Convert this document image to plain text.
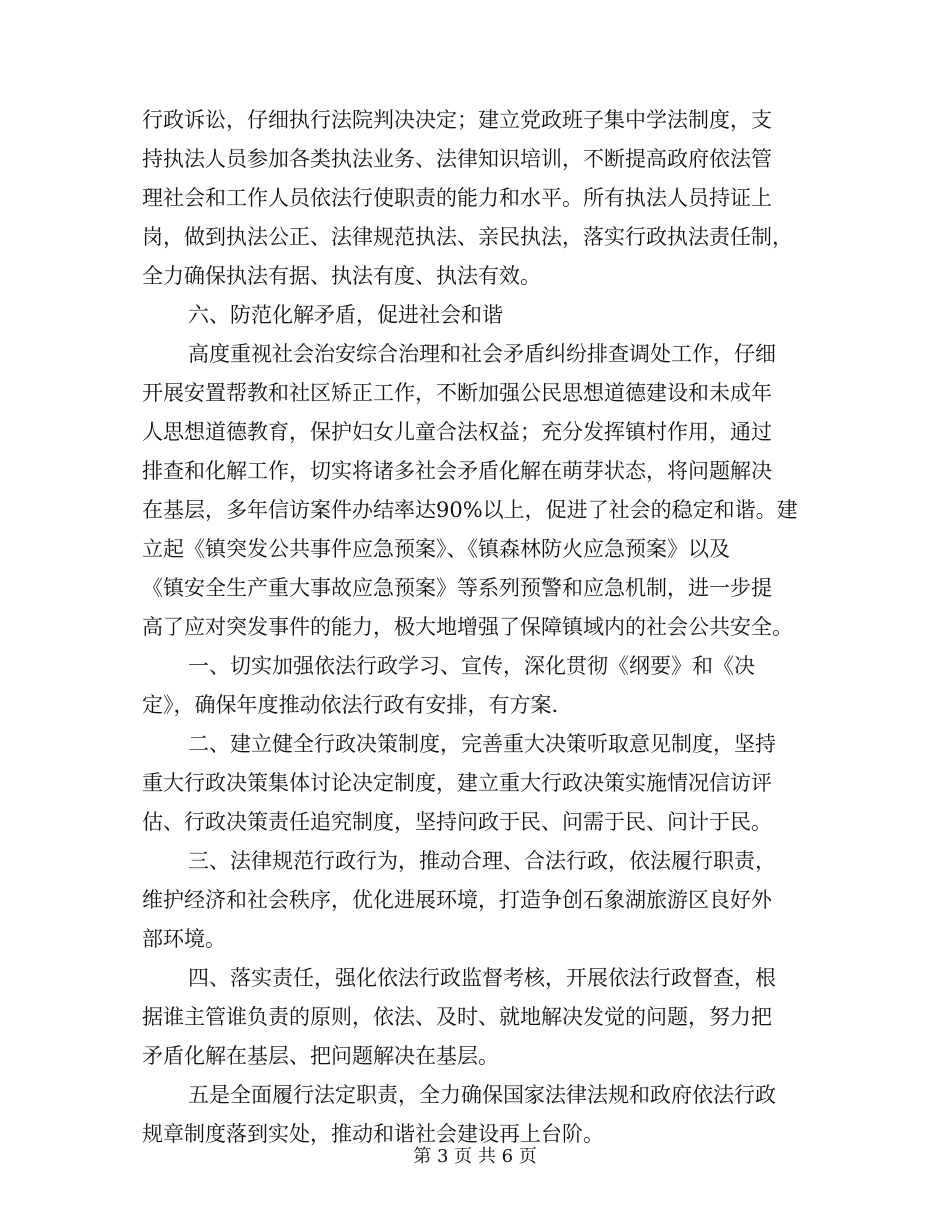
行政诉讼，仔细执行法院判决决定；建立党政班子集中学法制度，支
持执法人员参加各类执法业务、法律知识培训，不断提高政府依法管
理社会和工作人员依法行使职责的能力和水平。所有执法人员持证上
岗，做到执法公正、法律规范执法、亲民执法，落实行政执法责任制，
全力确保执法有据、执法有度、执法有效。
六、防范化解矛盾，促进社会和谐
高度重视社会治安综合治理和社会矛盾纠纷排查调处工作，仔细
开展安置帮教和社区矫正工作，不断加强公民思想道德建设和未成年
人思想道德教育，保护妇女儿童合法权益；充分发挥镇村作用，通过
排查和化解工作，切实将诸多社会矛盾化解在萌芽状态，将问题解决
在基层，多年信访案件办结率达90%以上，促进了社会的稳定和谐。建
立起《镇突发公共事件应急预案》、《镇森林防火应急预案》以及
《镇安全生产重大事故应急预案》等系列预警和应急机制，进一步提
高了应对突发事件的能力，极大地增强了保障镇域内的社会公共安全。
一、切实加强依法行政学习、宣传，深化贯彻《纲要》和《决
定》，确保年度推动依法行政有安排，有方案.
二、建立健全行政决策制度，完善重大决策听取意见制度，坚持
重大行政决策集体讨论决定制度，建立重大行政决策实施情况信访评
估、行政决策责任追究制度，坚持问政于民、问需于民、问计于民。
三、法律规范行政行为，推动合理、合法行政，依法履行职责，
维护经济和社会秩序，优化进展环境，打造争创石象湖旅游区良好外
部环境。
四、落实责任，强化依法行政监督考核，开展依法行政督查，根
据谁主管谁负责的原则，依法、及时、就地解决发觉的问题，努力把
矛盾化解在基层、把问题解决在基层。
五是全面履行法定职责，全力确保国家法律法规和政府依法行政
规章制度落到实处，推动和谐社会建设再上台阶。
第 3 页 共 6 页
